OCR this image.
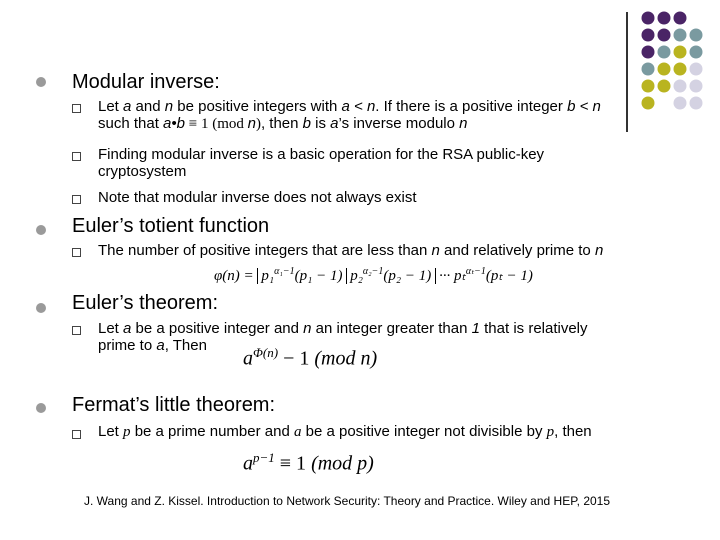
Modular inverse:
Let a and n be positive integers with a < n. If there is a positive integer b < n
such that a•b ≡ 1 (mod n), then b is a’s inverse modulo n
Finding modular inverse is a basic operation for the RSA public-key cryptosystem
Note that modular inverse does not always exist
Euler’s totient function
The number of positive integers that are less than n and relatively prime to n
φ(n) = p₁$^{\alpha_1-1}$(p₁ − 1) p₂$^{\alpha_2-1}$(p₂ − 1) ··· pₜ$^{\alpha_t-1}$(pₜ − 1)
Euler’s theorem:
Let a be a positive integer and n an integer greater than 1 that is relatively
prime to a, Then
$a^{\Phi(n)} - 1$ (mod n)
Fermat’s little theorem:
Let p be a prime number and a be a positive integer not divisible by p, then
$a^{p-1} \equiv 1$ (mod p)
J. Wang and Z. Kissel. Introduction to Network Security: Theory and Practice. Wiley and HEP, 2015
